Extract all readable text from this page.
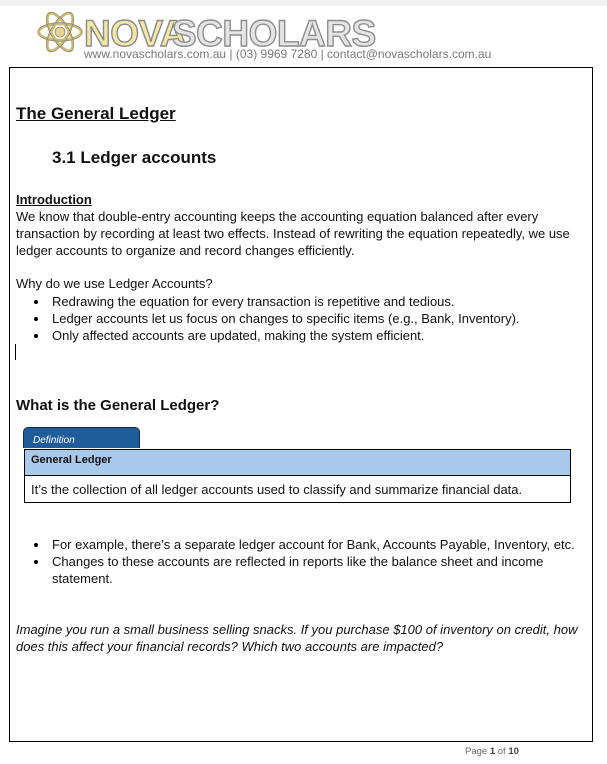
NOVA
SCHOLARS
www.novascholars.com.au | (03) 9969 7280 | contact@novascholars.com.au
The General Ledger
3.1 Ledger accounts
Introduction
We know that double-entry accounting keeps the accounting equation balanced after every transaction by recording at least two effects. Instead of rewriting the equation repeatedly, we use ledger accounts to organize and record changes efficiently.
Why do we use Ledger Accounts?
Redrawing the equation for every transaction is repetitive and tedious.
Ledger accounts let us focus on changes to specific items (e.g., Bank, Inventory).
Only affected accounts are updated, making the system efficient.
What is the General Ledger?
Definition
General Ledger
It’s the collection of all ledger accounts used to classify and summarize financial data.
For example, there’s a separate ledger account for Bank, Accounts Payable, Inventory, etc.
Changes to these accounts are reflected in reports like the balance sheet and income statement.
Imagine you run a small business selling snacks. If you purchase $100 of inventory on credit, how does this affect your financial records? Which two accounts are impacted?
Page 1 of 10
